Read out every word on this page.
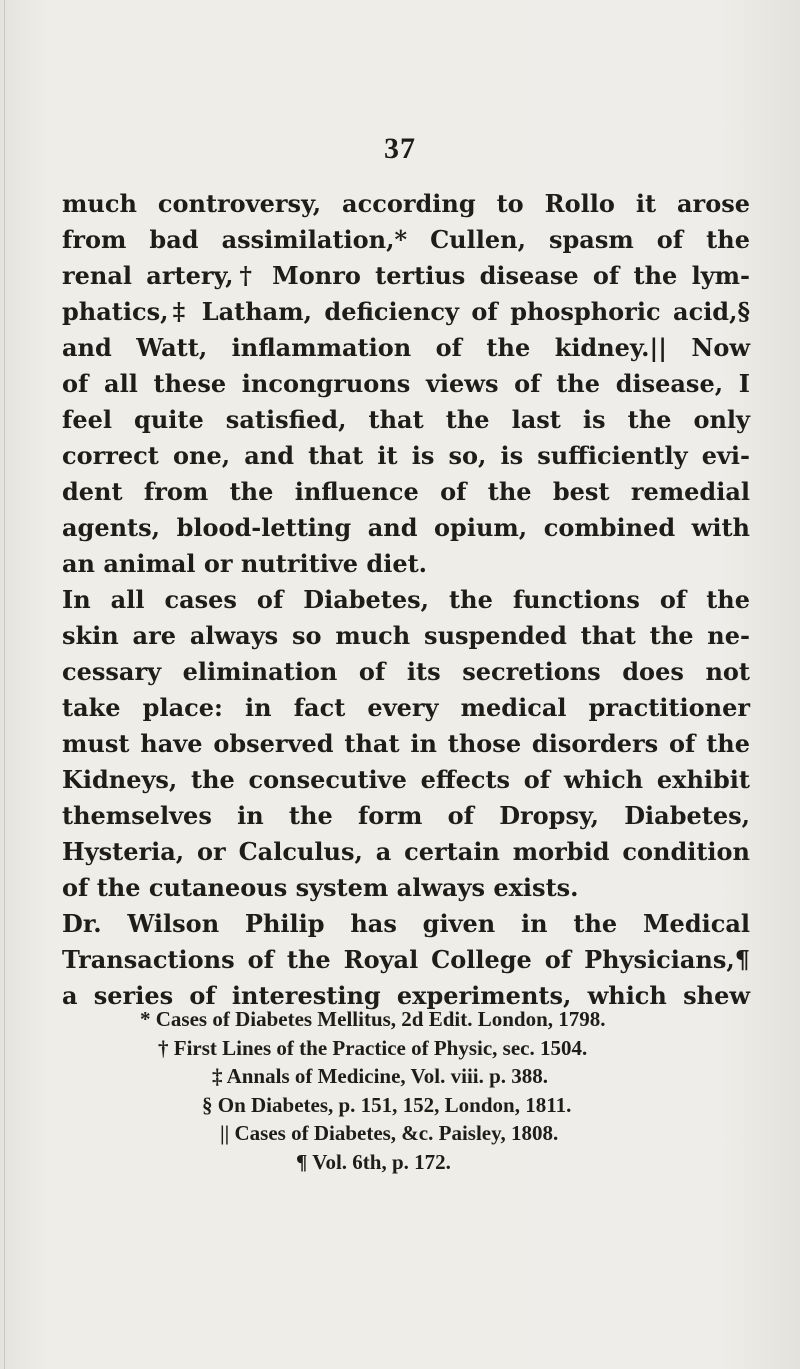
37
much controversy, according to Rollo it arose
from bad assimilation,* Cullen, spasm of the
renal artery,† Monro tertius disease of the lym-
phatics,‡ Latham, deficiency of phosphoric acid,§
and Watt, inflammation of the kidney.|| Now
of all these incongruons views of the disease, I
feel quite satisfied, that the last is the only
correct one, and that it is so, is sufficiently evi-
dent from the influence of the best remedial
agents, blood-letting and opium, combined with
an animal or nutritive diet.
In all cases of Diabetes, the functions of the
skin are always so much suspended that the ne-
cessary elimination of its secretions does not
take place: in fact every medical practitioner
must have observed that in those disorders of the
Kidneys, the consecutive effects of which exhibit
themselves in the form of Dropsy, Diabetes,
Hysteria, or Calculus, a certain morbid condition
of the cutaneous system always exists.
Dr. Wilson Philip has given in the Medical
Transactions of the Royal College of Physicians,¶
a series of interesting experiments, which shew
* Cases of Diabetes Mellitus, 2d Edit. London, 1798.
† First Lines of the Practice of Physic, sec. 1504.
‡ Annals of Medicine, Vol. viii. p. 388.
§ On Diabetes, p. 151, 152, London, 1811.
|| Cases of Diabetes, &c. Paisley, 1808.
¶ Vol. 6th, p. 172.
